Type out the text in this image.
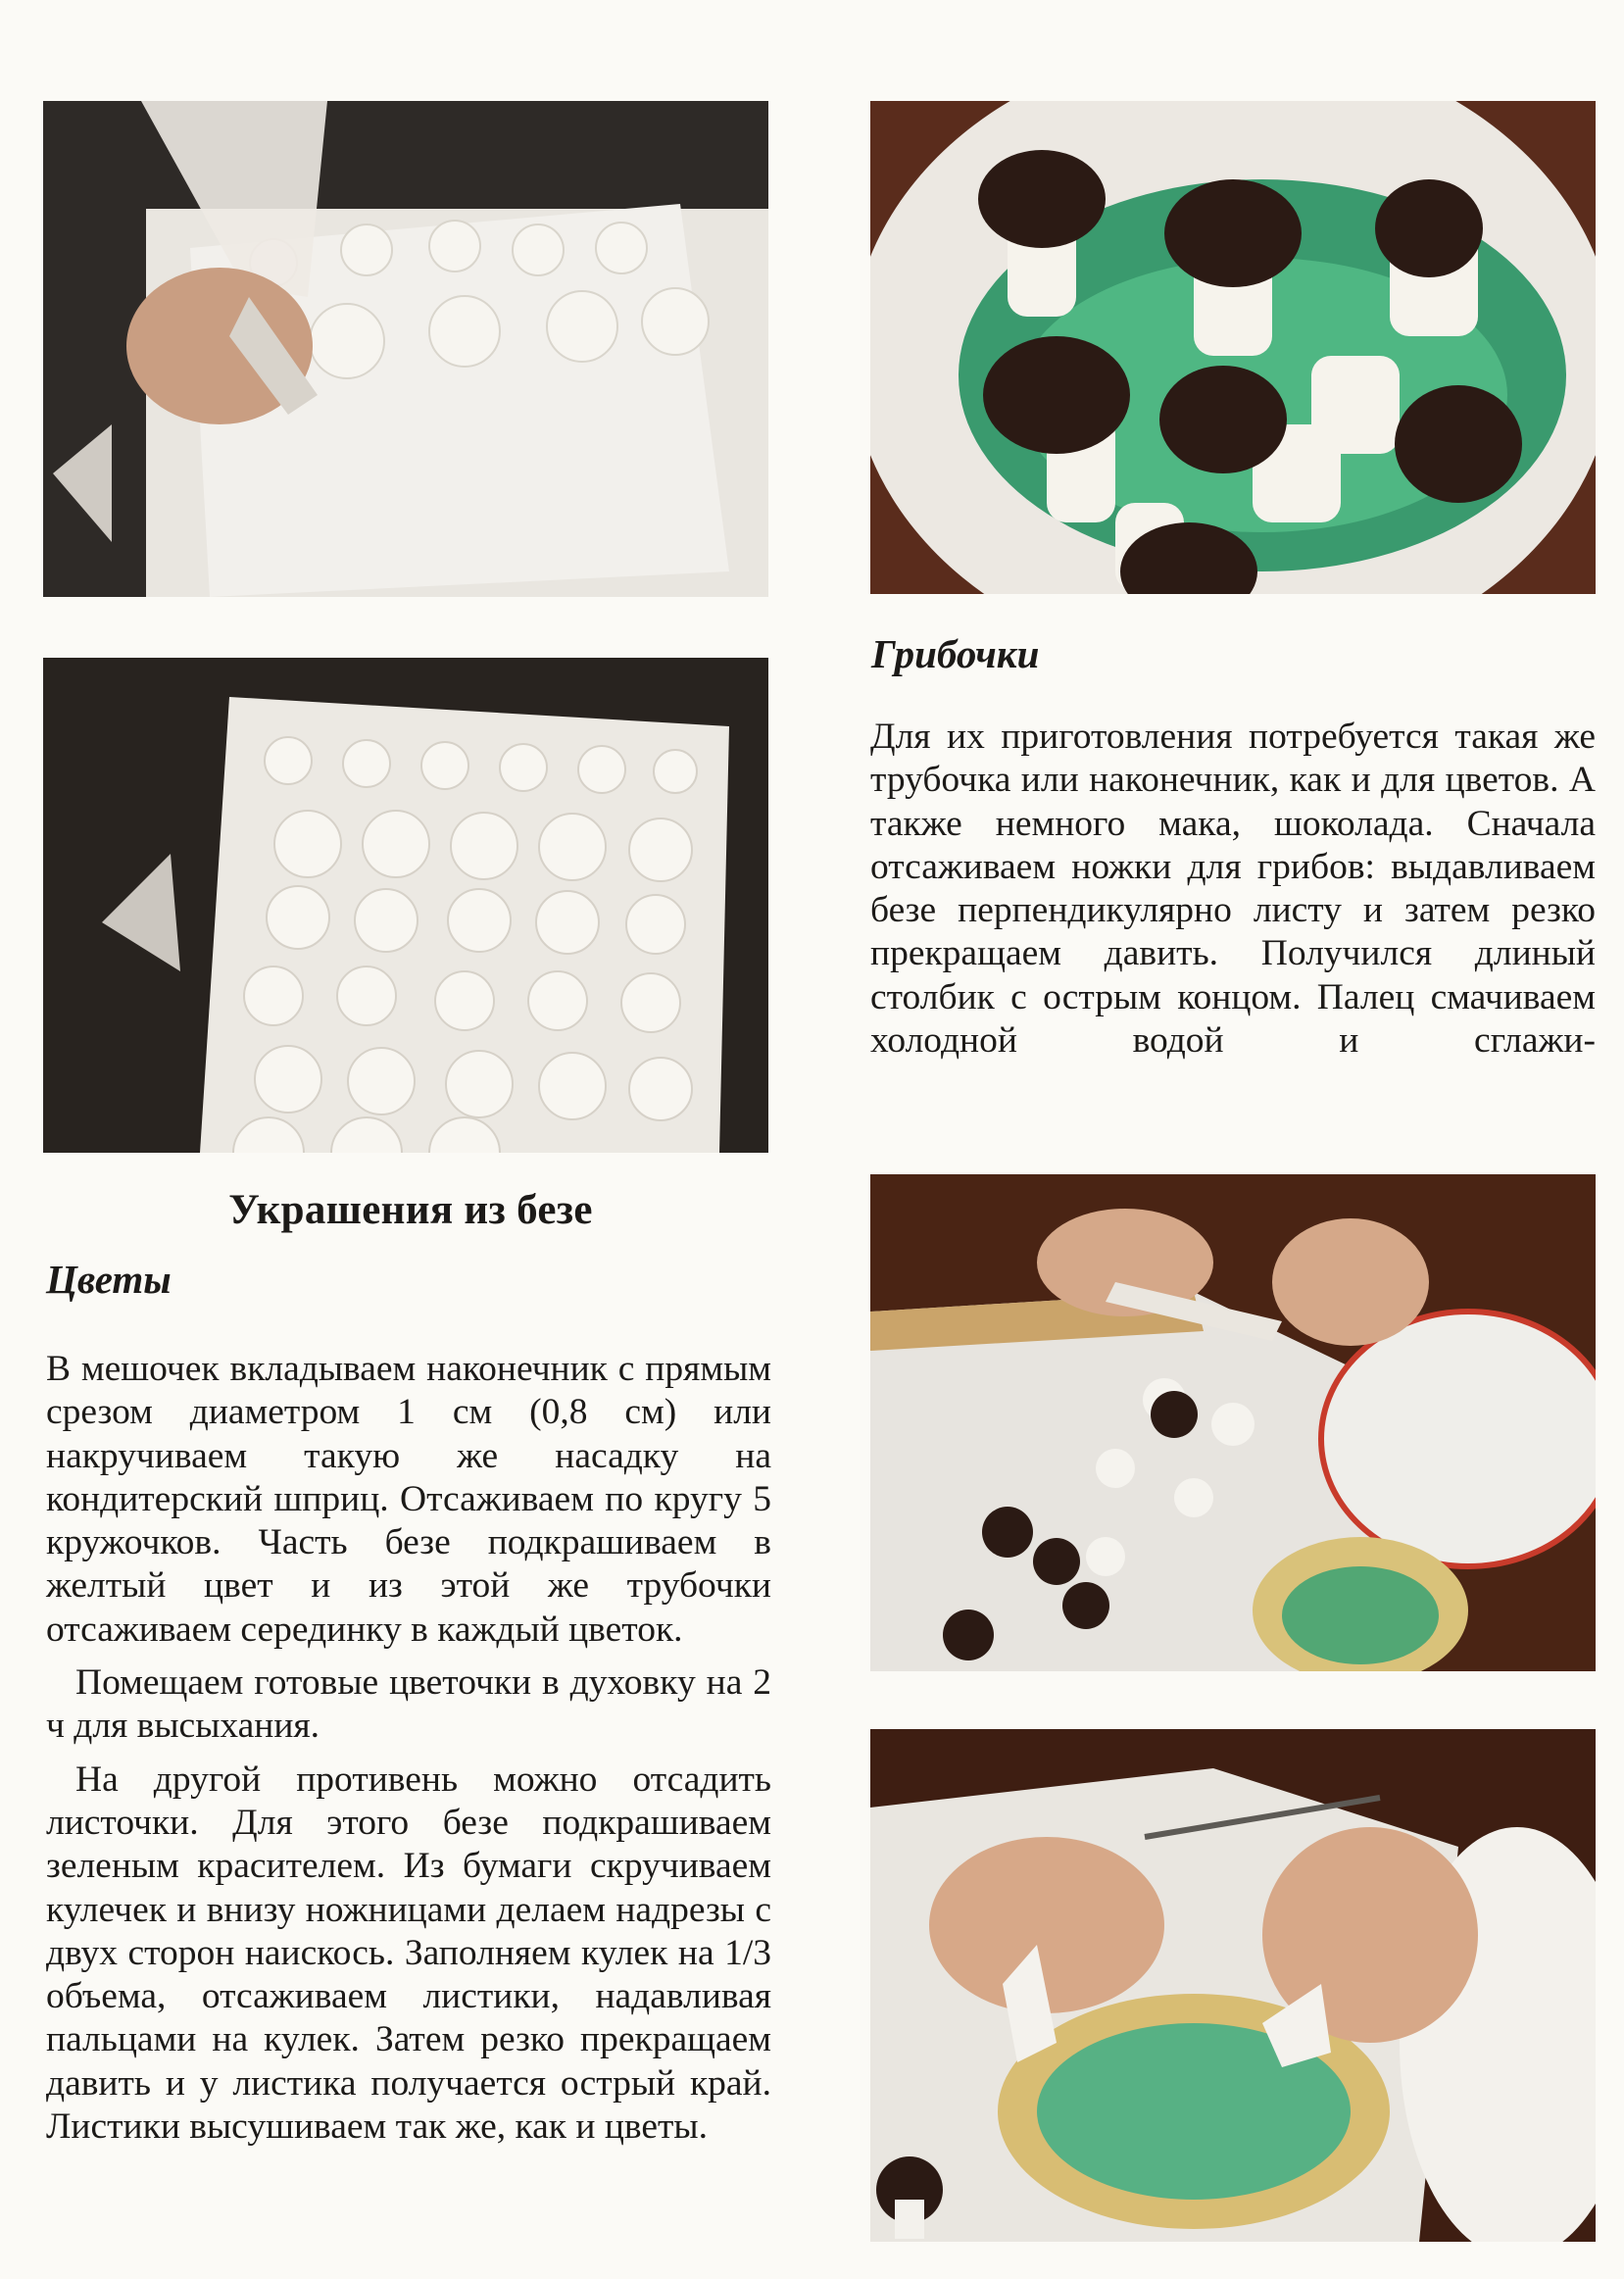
Украшения из безе
Цветы

В мешочек вкладываем наконечник с прямым срезом диаметром 1 см (0,8 см) или накручиваем такую же насадку на кондитерский шприц. Отсаживаем по кругу 5 кружочков. Часть безе подкрашиваем в желтый цвет и из этой же трубочки отсаживаем серединку в каждый цветок.

Помещаем готовые цветочки в духовку на 2 ч для высыхания.

На другой противень можно отсадить листочки. Для этого безе подкрашиваем зеленым красителем. Из бумаги скручиваем кулечек и внизу ножницами делаем надрезы с двух сторон наискось. Заполняем кулек на 1/3 объема, отсаживаем листики, надавливая пальцами на кулек. Затем резко прекращаем давить и у листика получается острый край. Листики высушиваем так же, как и цветы.

Грибочки

Для их приготовления потребуется такая же трубочка или наконечник, как и для цветов. А также немного мака, шоколада. Сначала отсаживаем ножки для грибов: выдавливаем безе перпендикулярно листу и затем резко прекращаем давить. Получился длиный столбик с острым концом. Палец смачиваем холодной водой и сглажи-
